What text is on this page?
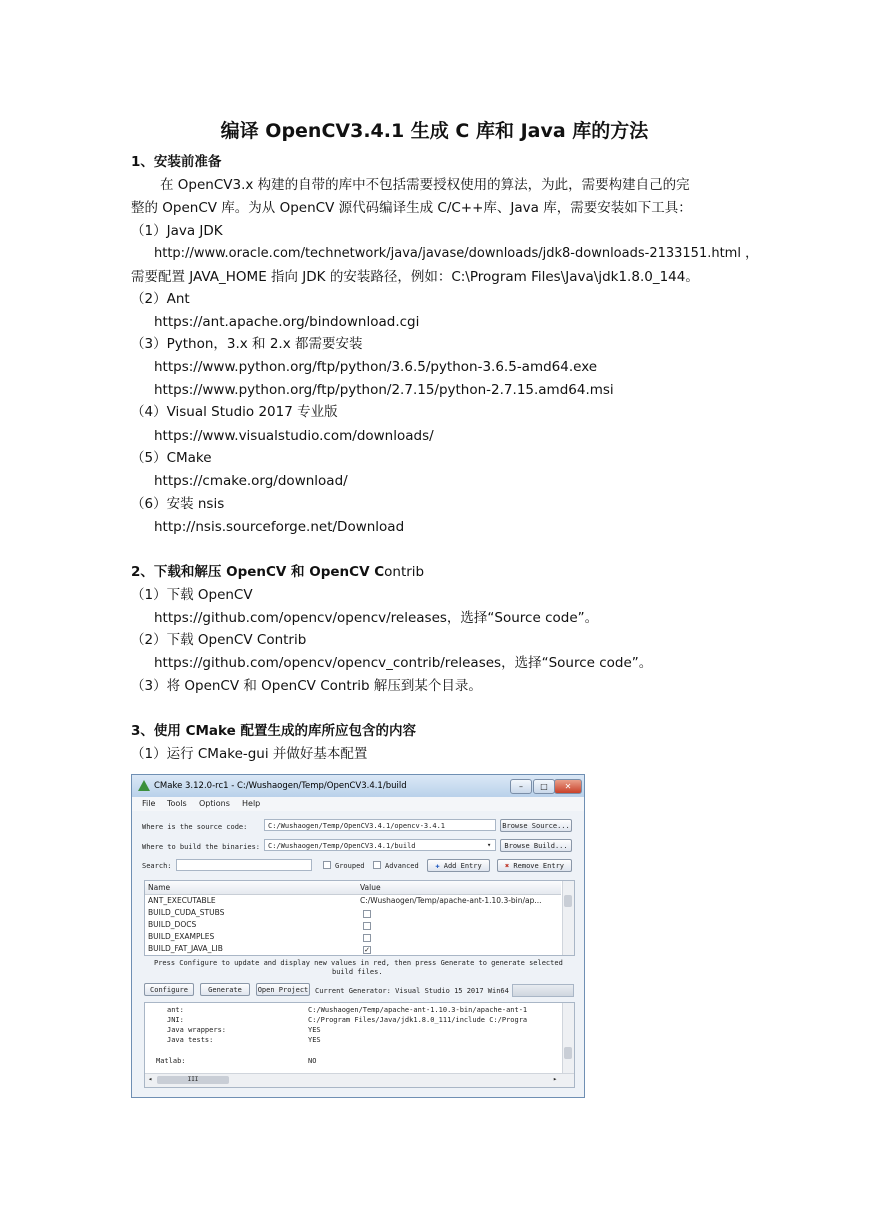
编译 OpenCV3.4.1 生成 C 库和 Java 库的方法
1、安装前准备
在 OpenCV3.x 构建的自带的库中不包括需要授权使用的算法，为此，需要构建自己的完
整的 OpenCV 库。为从 OpenCV 源代码编译生成 C/C++库、Java 库，需要安装如下工具：
（1）Java JDK
http://www.oracle.com/technetwork/java/javase/downloads/jdk8-downloads-2133151.html ，
需要配置 JAVA_HOME 指向 JDK 的安装路径，例如：C:\Program Files\Java\jdk1.8.0_144。
（2）Ant
https://ant.apache.org/bindownload.cgi
（3）Python，3.x 和 2.x 都需要安装
https://www.python.org/ftp/python/3.6.5/python-3.6.5-amd64.exe
https://www.python.org/ftp/python/2.7.15/python-2.7.15.amd64.msi
（4）Visual Studio 2017 专业版
https://www.visualstudio.com/downloads/
（5）CMake
https://cmake.org/download/
（6）安装 nsis
http://nsis.sourceforge.net/Download
2、下载和解压 OpenCV 和 OpenCV Contrib
（1）下载 OpenCV
https://github.com/opencv/opencv/releases，选择“Source code”。
（2）下载 OpenCV Contrib
https://github.com/opencv/opencv_contrib/releases，选择“Source code”。
（3）将 OpenCV 和 OpenCV Contrib 解压到某个目录。
3、使用 CMake 配置生成的库所应包含的内容
（1）运行 CMake-gui 并做好基本配置
CMake 3.12.0-rc1 - C:/Wushaogen/Temp/OpenCV3.4.1/build	–	□	✕
File Tools Options Help
Where is the source code:	C:/Wushaogen/Temp/OpenCV3.4.1/opencv-3.4.1	Browse Source...
Where to build the binaries:	C:/Wushaogen/Temp/OpenCV3.4.1/build	▾	Browse Build...
Search:	Grouped	Advanced	✚ Add Entry	✖ Remove Entry
Name	Value
ANT_EXECUTABLE	C:/Wushaogen/Temp/apache-ant-1.10.3-bin/ap...
BUILD_CUDA_STUBS
BUILD_DOCS
BUILD_EXAMPLES
BUILD_FAT_JAVA_LIB	✓
Press Configure to update and display new values in red, then press Generate to generate selected
build files.
Configure	Generate	Open Project Current Generator: Visual Studio 15 2017 Win64
ant:	C:/Wushaogen/Temp/apache-ant-1.10.3-bin/apache-ant-1
JNI:	C:/Program Files/Java/jdk1.8.0_111/include C:/Progra
Java wrappers:	YES
Java tests:	YES
Matlab:	NO
◂	III	▸
